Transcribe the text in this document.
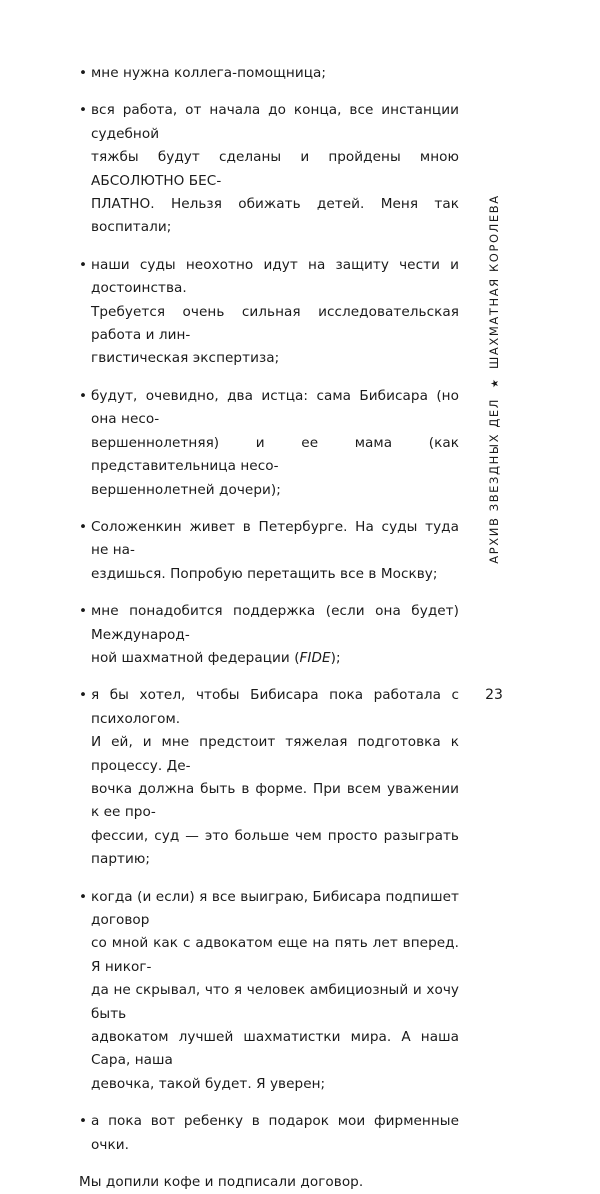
• мне нужна коллега-помощница;
• вся работа, от начала до конца, все инстанции судебной
тяжбы будут сделаны и пройдены мною АБСОЛЮТНО БЕС-
ПЛАТНО. Нельзя обижать детей. Меня так воспитали;
• наши суды неохотно идут на защиту чести и достоинства.
Требуется очень сильная исследовательская работа и лин-
гвистическая экспертиза;
• будут, очевидно, два истца: сама Бибисара (но она несо-
вершеннолетняя) и ее мама (как представительница несо-
вершеннолетней дочери);
• Соложенкин живет в Петербурге. На суды туда не на-
ездишься. Попробую перетащить все в Москву;
• мне понадобится поддержка (если она будет) Международ-
ной шахматной федерации (FIDE);
• я бы хотел, чтобы Бибисара пока работала с психологом.
И ей, и мне предстоит тяжелая подготовка к процессу. Де-
вочка должна быть в форме. При всем уважении к ее про-
фессии, суд — это больше чем просто разыграть партию;
• когда (и если) я все выиграю, Бибисара подпишет договор
со мной как с адвокатом еще на пять лет вперед. Я никог-
да не скрывал, что я человек амбициозный и хочу быть
адвокатом лучшей шахматистки мира. А наша Сара, наша
девочка, такой будет. Я уверен;
• а пока вот ребенку в подарок мои фирменные очки.
Мы допили кофе и подписали договор.
АРХИВ ЗВЕЗДНЫХ ДЕЛ★ШАХМАТНАЯ КОРОЛЕВА
23
